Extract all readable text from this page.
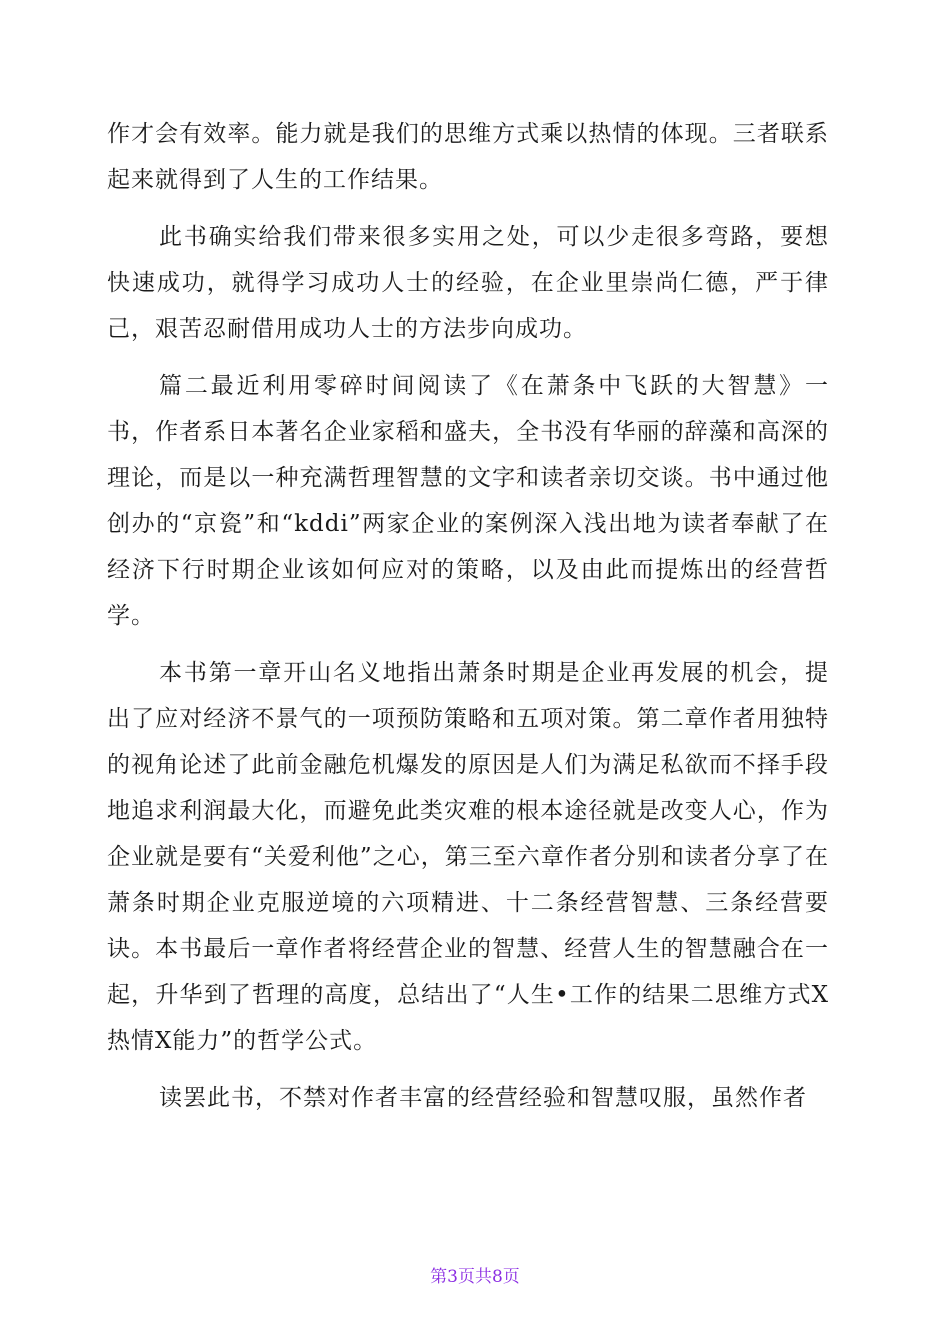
作才会有效率。能力就是我们的思维方式乘以热情的体现。三者联系起来就得到了人生的工作结果。

此书确实给我们带来很多实用之处，可以少走很多弯路，要想快速成功，就得学习成功人士的经验，在企业里崇尚仁德，严于律己，艰苦忍耐借用成功人士的方法步向成功。

篇二最近利用零碎时间阅读了《在萧条中飞跃的大智慧》一书，作者系日本著名企业家稻和盛夫，全书没有华丽的辞藻和高深的理论，而是以一种充满哲理智慧的文字和读者亲切交谈。书中通过他创办的“京瓷”和“kddi”两家企业的案例深入浅出地为读者奉献了在经济下行时期企业该如何应对的策略，以及由此而提炼出的经营哲学。

本书第一章开山名义地指出萧条时期是企业再发展的机会，提出了应对经济不景气的一项预防策略和五项对策。第二章作者用独特的视角论述了此前金融危机爆发的原因是人们为满足私欲而不择手段地追求利润最大化，而避免此类灾难的根本途径就是改变人心，作为企业就是要有“关爱利他”之心，第三至六章作者分别和读者分享了在萧条时期企业克服逆境的六项精进、十二条经营智慧、三条经营要诀。本书最后一章作者将经营企业的智慧、经营人生的智慧融合在一起，升华到了哲理的高度，总结出了“人生•工作的结果二思维方式X热情X能力”的哲学公式。

读罢此书，不禁对作者丰富的经营经验和智慧叹服，虽然作者

第3页共8页
